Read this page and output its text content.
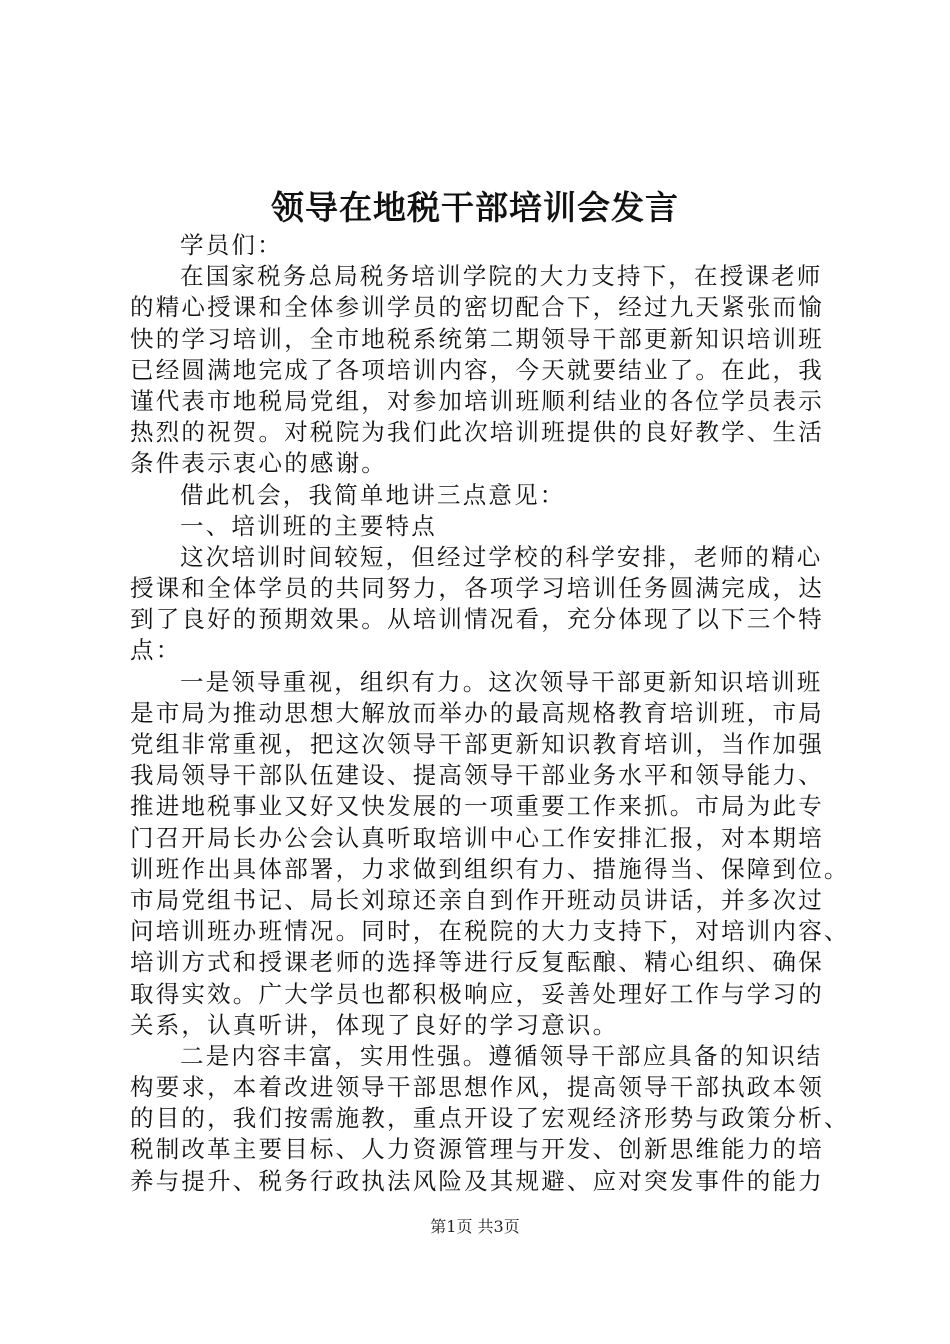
领导在地税干部培训会发言
学员们：
在国家税务总局税务培训学院的大力支持下，在授课老师
的精心授课和全体参训学员的密切配合下，经过九天紧张而愉
快的学习培训，全市地税系统第二期领导干部更新知识培训班
已经圆满地完成了各项培训内容，今天就要结业了。在此，我
谨代表市地税局党组，对参加培训班顺利结业的各位学员表示
热烈的祝贺。对税院为我们此次培训班提供的良好教学、生活
条件表示衷心的感谢。
借此机会，我简单地讲三点意见：
一、培训班的主要特点
这次培训时间较短，但经过学校的科学安排，老师的精心
授课和全体学员的共同努力，各项学习培训任务圆满完成，达
到了良好的预期效果。从培训情况看，充分体现了以下三个特
点：
一是领导重视，组织有力。这次领导干部更新知识培训班
是市局为推动思想大解放而举办的最高规格教育培训班，市局
党组非常重视，把这次领导干部更新知识教育培训，当作加强
我局领导干部队伍建设、提高领导干部业务水平和领导能力、
推进地税事业又好又快发展的一项重要工作来抓。市局为此专
门召开局长办公会认真听取培训中心工作安排汇报，对本期培
训班作出具体部署，力求做到组织有力、措施得当、保障到位。
市局党组书记、局长刘琼还亲自到作开班动员讲话，并多次过
问培训班办班情况。同时，在税院的大力支持下，对培训内容、
培训方式和授课老师的选择等进行反复酝酿、精心组织、确保
取得实效。广大学员也都积极响应，妥善处理好工作与学习的
关系，认真听讲，体现了良好的学习意识。
二是内容丰富，实用性强。遵循领导干部应具备的知识结
构要求，本着改进领导干部思想作风，提高领导干部执政本领
的目的，我们按需施教，重点开设了宏观经济形势与政策分析、
税制改革主要目标、人力资源管理与开发、创新思维能力的培
养与提升、税务行政执法风险及其规避、应对突发事件的能力
第1页 共3页
